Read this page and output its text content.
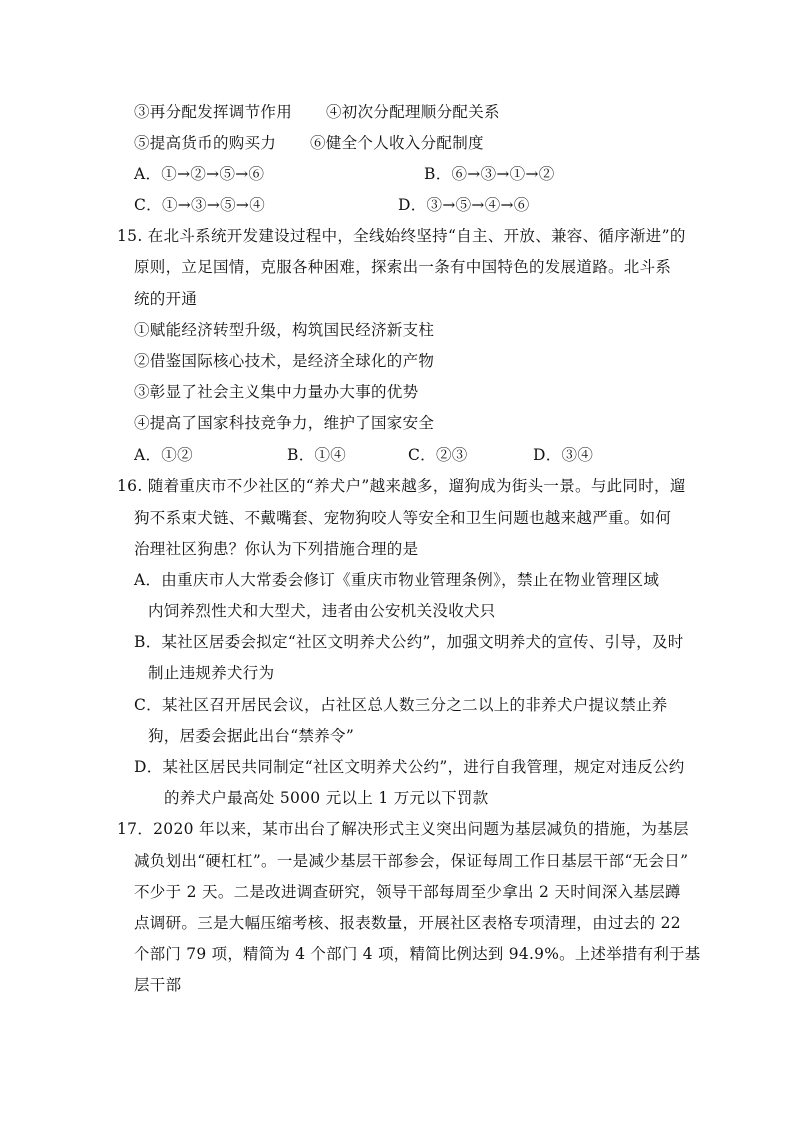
③再分配发挥调节作用 ④初次分配理顺分配关系
⑤提高货币的购买力 ⑥健全个人收入分配制度
A．①→②→⑤→⑥	B．⑥→③→①→②
C．①→③→⑤→④	D．③→⑤→④→⑥
15. 在北斗系统开发建设过程中，全线始终坚持“自主、开放、兼容、循序渐进”的
原则，立足国情，克服各种困难，探索出一条有中国特色的发展道路。北斗系
统的开通
①赋能经济转型升级，构筑国民经济新支柱
②借鉴国际核心技术，是经济全球化的产物
③彰显了社会主义集中力量办大事的优势
④提高了国家科技竞争力，维护了国家安全
A．①②	B．①④	C．②③	D．③④
16. 随着重庆市不少社区的“养犬户”越来越多，遛狗成为街头一景。与此同时，遛
狗不系束犬链、不戴嘴套、宠物狗咬人等安全和卫生问题也越来越严重。如何
治理社区狗患？你认为下列措施合理的是
A．由重庆市人大常委会修订《重庆市物业管理条例》，禁止在物业管理区域
内饲养烈性犬和大型犬，违者由公安机关没收犬只
B．某社区居委会拟定“社区文明养犬公约”，加强文明养犬的宣传、引导，及时
制止违规养犬行为
C．某社区召开居民会议，占社区总人数三分之二以上的非养犬户提议禁止养
狗，居委会据此出台“禁养令”
D．某社区居民共同制定“社区文明养犬公约”，进行自我管理，规定对违反公约
的养犬户最高处 5000 元以上 1 万元以下罚款
17．2020 年以来，某市出台了解决形式主义突出问题为基层减负的措施，为基层
减负划出“硬杠杠”。一是减少基层干部参会，保证每周工作日基层干部“无会日”
不少于 2 天。二是改进调查研究，领导干部每周至少拿出 2 天时间深入基层蹲
点调研。三是大幅压缩考核、报表数量，开展社区表格专项清理，由过去的 22
个部门 79 项，精简为 4 个部门 4 项，精简比例达到 94.9%。上述举措有利于基
层干部
